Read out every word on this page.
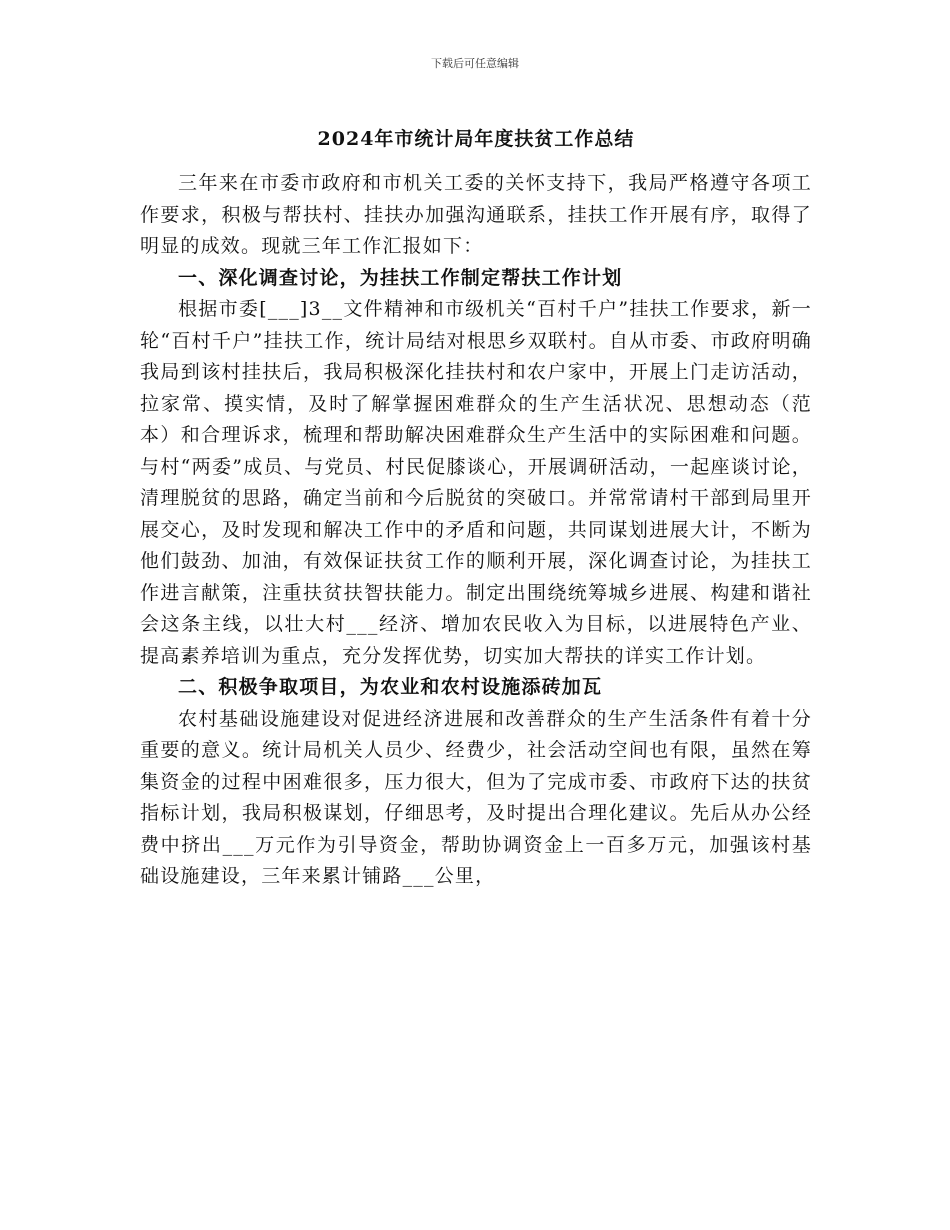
下载后可任意编辑
2024年市统计局年度扶贫工作总结

三年来在市委市政府和市机关工委的关怀支持下，我局严格遵守各项工作要求，积极与帮扶村、挂扶办加强沟通联系，挂扶工作开展有序，取得了明显的成效。现就三年工作汇报如下：

一、深化调查讨论，为挂扶工作制定帮扶工作计划

根据市委[___]3__文件精神和市级机关“百村千户”挂扶工作要求，新一轮“百村千户”挂扶工作，统计局结对根思乡双联村。自从市委、市政府明确我局到该村挂扶后，我局积极深化挂扶村和农户家中，开展上门走访活动，拉家常、摸实情，及时了解掌握困难群众的生产生活状况、思想动态（范本）和合理诉求，梳理和帮助解决困难群众生产生活中的实际困难和问题。与村“两委”成员、与党员、村民促膝谈心，开展调研活动，一起座谈讨论，清理脱贫的思路，确定当前和今后脱贫的突破口。并常常请村干部到局里开展交心，及时发现和解决工作中的矛盾和问题，共同谋划进展大计，不断为他们鼓劲、加油，有效保证扶贫工作的顺利开展，深化调查讨论，为挂扶工作进言献策，注重扶贫扶智扶能力。制定出围绕统筹城乡进展、构建和谐社会这条主线，以壮大村___经济、增加农民收入为目标，以进展特色产业、提高素养培训为重点，充分发挥优势，切实加大帮扶的详实工作计划。

二、积极争取项目，为农业和农村设施添砖加瓦

农村基础设施建设对促进经济进展和改善群众的生产生活条件有着十分重要的意义。统计局机关人员少、经费少，社会活动空间也有限，虽然在筹集资金的过程中困难很多，压力很大，但为了完成市委、市政府下达的扶贫指标计划，我局积极谋划，仔细思考，及时提出合理化建议。先后从办公经费中挤出___万元作为引导资金，帮助协调资金上一百多万元，加强该村基础设施建设，三年来累计铺路___公里，
